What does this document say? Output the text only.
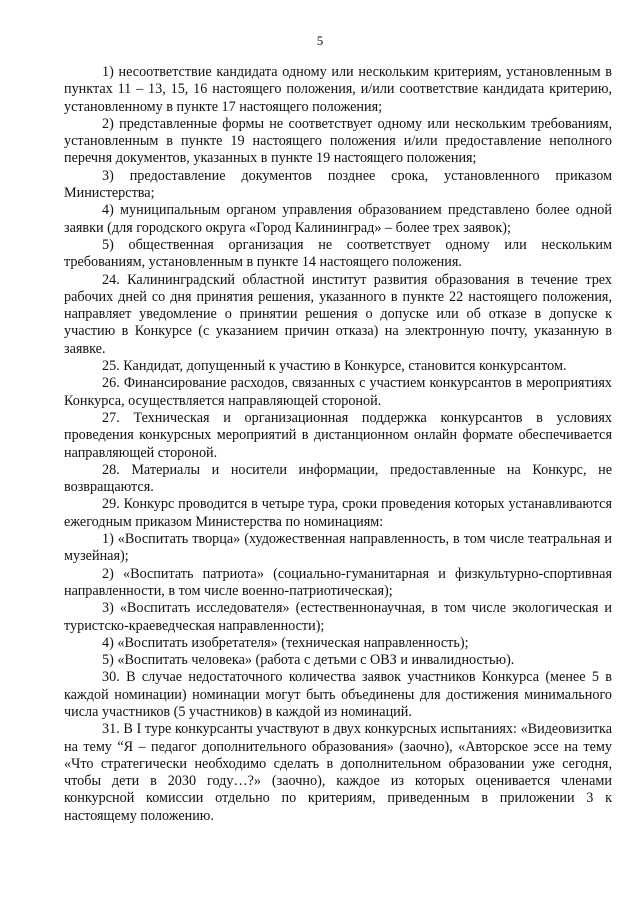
5

1) несоответствие кандидата одному или нескольким критериям, установленным в пунктах 11 – 13, 15, 16 настоящего положения, и/или соответствие кандидата критерию, установленному в пункте 17 настоящего положения;

2) представленные формы не соответствует одному или нескольким требованиям, установленным в пункте 19 настоящего положения и/или предоставление неполного перечня документов, указанных в пункте 19 настоящего положения;

3) предоставление документов позднее срока, установленного приказом Министерства;

4) муниципальным органом управления образованием представлено более одной заявки (для городского округа «Город Калининград» – более трех заявок);

5) общественная организация не соответствует одному или нескольким требованиям, установленным в пункте 14 настоящего положения.

24. Калининградский областной институт развития образования в течение трех рабочих дней со дня принятия решения, указанного в пункте 22 настоящего положения, направляет уведомление о принятии решения о допуске или об отказе в допуске к участию в Конкурсе (с указанием причин отказа) на электронную почту, указанную в заявке.

25. Кандидат, допущенный к участию в Конкурсе, становится конкурсантом.

26. Финансирование расходов, связанных с участием конкурсантов в мероприятиях Конкурса, осуществляется направляющей стороной.

27. Техническая и организационная поддержка конкурсантов в условиях проведения конкурсных мероприятий в дистанционном онлайн формате обеспечивается направляющей стороной.

28. Материалы и носители информации, предоставленные на Конкурс, не возвращаются.

29. Конкурс проводится в четыре тура, сроки проведения которых устанавливаются ежегодным приказом Министерства по номинациям:

1) «Воспитать творца» (художественная направленность, в том числе театральная и музейная);

2) «Воспитать патриота» (социально-гуманитарная и физкультурно-спортивная направленности, в том числе военно-патриотическая);

3) «Воспитать исследователя» (естественнонаучная, в том числе экологическая и туристско-краеведческая направленности);

4) «Воспитать изобретателя» (техническая направленность);

5) «Воспитать человека» (работа с детьми с ОВЗ и инвалидностью).

30. В случае недостаточного количества заявок участников Конкурса (менее 5 в каждой номинации) номинации могут быть объединены для достижения минимального числа участников (5 участников) в каждой из номинаций.

31. В I туре конкурсанты участвуют в двух конкурсных испытаниях: «Видеовизитка на тему “Я – педагог дополнительного образования» (заочно), «Авторское эссе на тему «Что стратегически необходимо сделать в дополнительном образовании уже сегодня, чтобы дети в 2030 году…?» (заочно), каждое из которых оценивается членами конкурсной комиссии отдельно по критериям, приведенным в приложении 3 к настоящему положению.
